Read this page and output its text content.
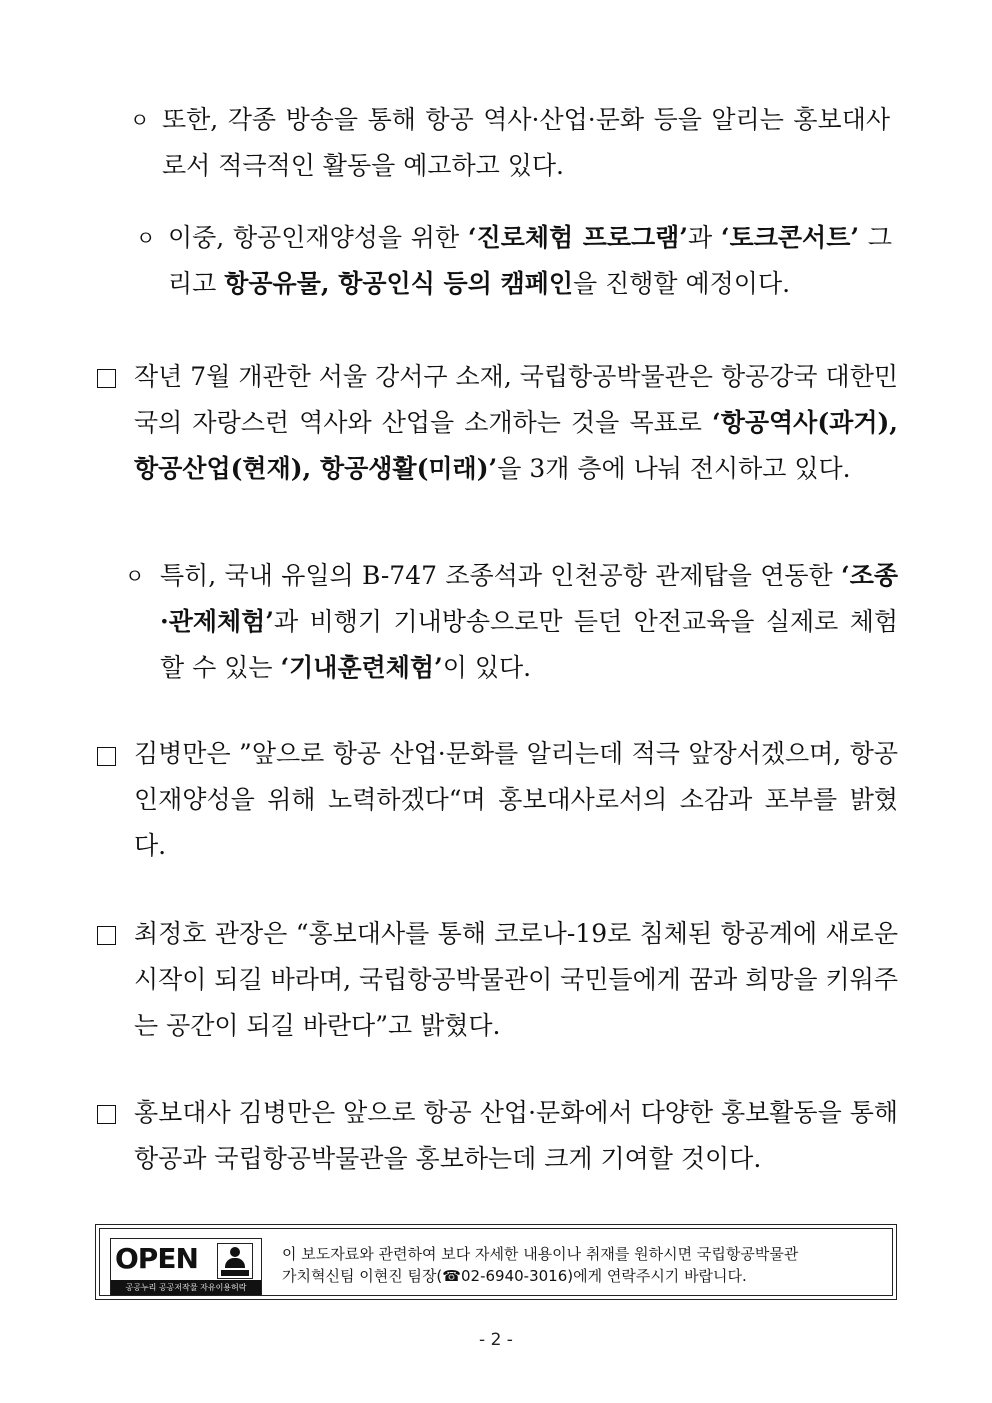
ㅇ 또한, 각종 방송을 통해 항공 역사·산업·문화 등을 알리는 홍보대사로서 적극적인 활동을 예고하고 있다.
ㅇ 이중, 항공인재양성을 위한 ‘진로체험 프로그램’과 ‘토크콘서트’ 그리고 항공유물, 항공인식 등의 캠페인을 진행할 예정이다.
작년 7월 개관한 서울 강서구 소재, 국립항공박물관은 항공강국 대한민국의 자랑스런 역사와 산업을 소개하는 것을 목표로 ‘항공역사(과거), 항공산업(현재), 항공생활(미래)’을 3개 층에 나눠 전시하고 있다.
ㅇ 특히, 국내 유일의 B-747 조종석과 인천공항 관제탑을 연동한 ‘조종·관제체험’과 비행기 기내방송으로만 듣던 안전교육을 실제로 체험할 수 있는 ‘기내훈련체험’이 있다.
김병만은 ”앞으로 항공 산업·문화를 알리는데 적극 앞장서겠으며, 항공인재양성을 위해 노력하겠다“며 홍보대사로서의 소감과 포부를 밝혔다.
최정호 관장은 “홍보대사를 통해 코로나-19로 침체된 항공계에 새로운 시작이 되길 바라며, 국립항공박물관이 국민들에게 꿈과 희망을 키워주는 공간이 되길 바란다”고 밝혔다.
홍보대사 김병만은 앞으로 항공 산업·문화에서 다양한 홍보활동을 통해 항공과 국립항공박물관을 홍보하는데 크게 기여할 것이다.
OPEN
공공누리 공공저작물 자유이용허락
이 보도자료와 관련하여 보다 자세한 내용이나 취재를 원하시면 국립항공박물관
가치혁신팀 이현진 팀장(☎02-6940-3016)에게 연락주시기 바랍니다.
- 2 -
